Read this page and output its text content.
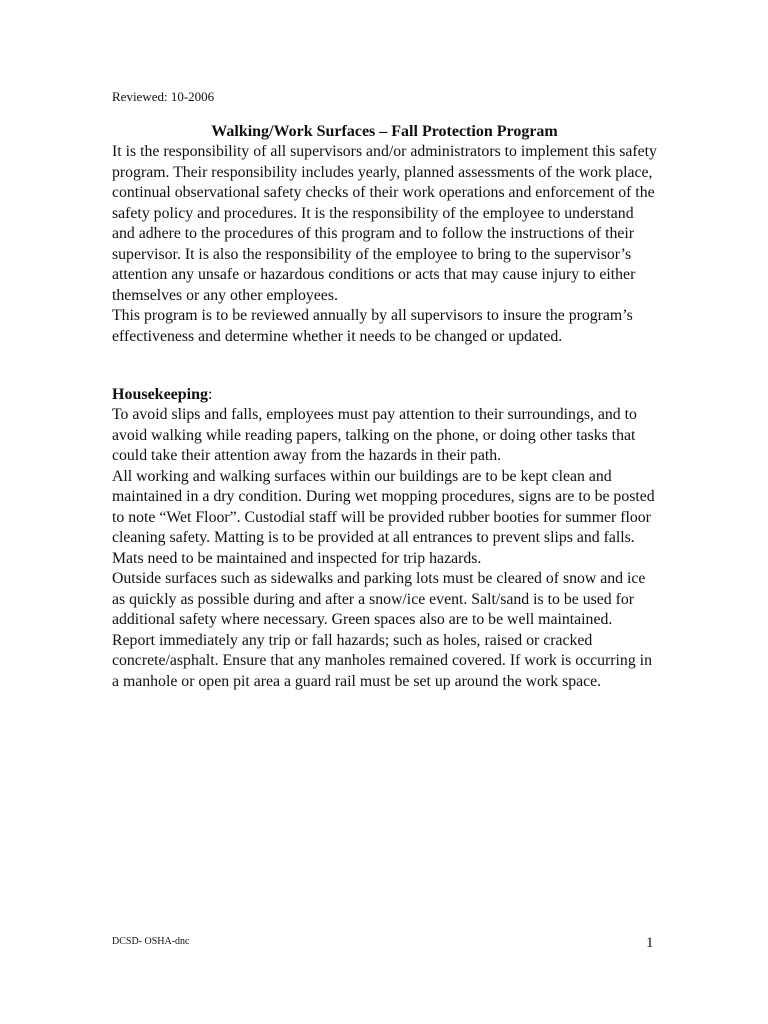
Reviewed: 10-2006

Walking/Work Surfaces – Fall Protection Program

It is the responsibility of all supervisors and/or administrators to implement this safety program. Their responsibility includes yearly, planned assessments of the work place, continual observational safety checks of their work operations and enforcement of the safety policy and procedures. It is the responsibility of the employee to understand and adhere to the procedures of this program and to follow the instructions of their supervisor. It is also the responsibility of the employee to bring to the supervisor’s attention any unsafe or hazardous conditions or acts that may cause injury to either themselves or any other employees.

This program is to be reviewed annually by all supervisors to insure the program’s effectiveness and determine whether it needs to be changed or updated.

Housekeeping:

To avoid slips and falls, employees must pay attention to their surroundings, and to avoid walking while reading papers, talking on the phone, or doing other tasks that could take their attention away from the hazards in their path.

All working and walking surfaces within our buildings are to be kept clean and maintained in a dry condition. During wet mopping procedures, signs are to be posted to note “Wet Floor”. Custodial staff will be provided rubber booties for summer floor cleaning safety. Matting is to be provided at all entrances to prevent slips and falls. Mats need to be maintained and inspected for trip hazards.

Outside surfaces such as sidewalks and parking lots must be cleared of snow and ice as quickly as possible during and after a snow/ice event. Salt/sand is to be used for additional safety where necessary. Green spaces also are to be well maintained. Report immediately any trip or fall hazards; such as holes, raised or cracked concrete/asphalt. Ensure that any manholes remained covered. If work is occurring in a manhole or open pit area a guard rail must be set up around the work space.

DCSD- OSHA-dnc	1
